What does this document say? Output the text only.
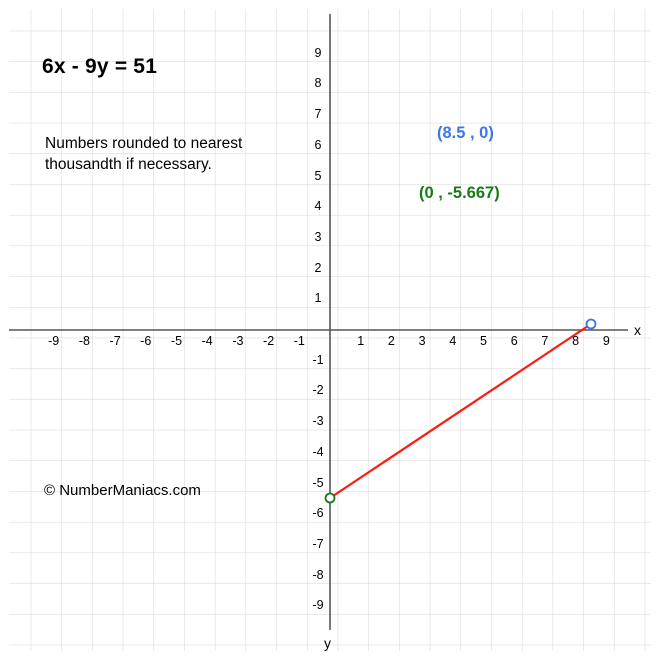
6x - 9y = 51
Numbers rounded to nearest thousandth if necessary.
© NumberManiacs.com
(8.5 , 0)
(0 , -5.667)
x
y
-9 -8 -7 -6 -5 -4 -3 -2 -1	1 2 3 4 5 6 7 8 9
-9
-8
-7
-6
-5
-4
-3
-2
-1
1
2
3
4
5
6
7
8
9
